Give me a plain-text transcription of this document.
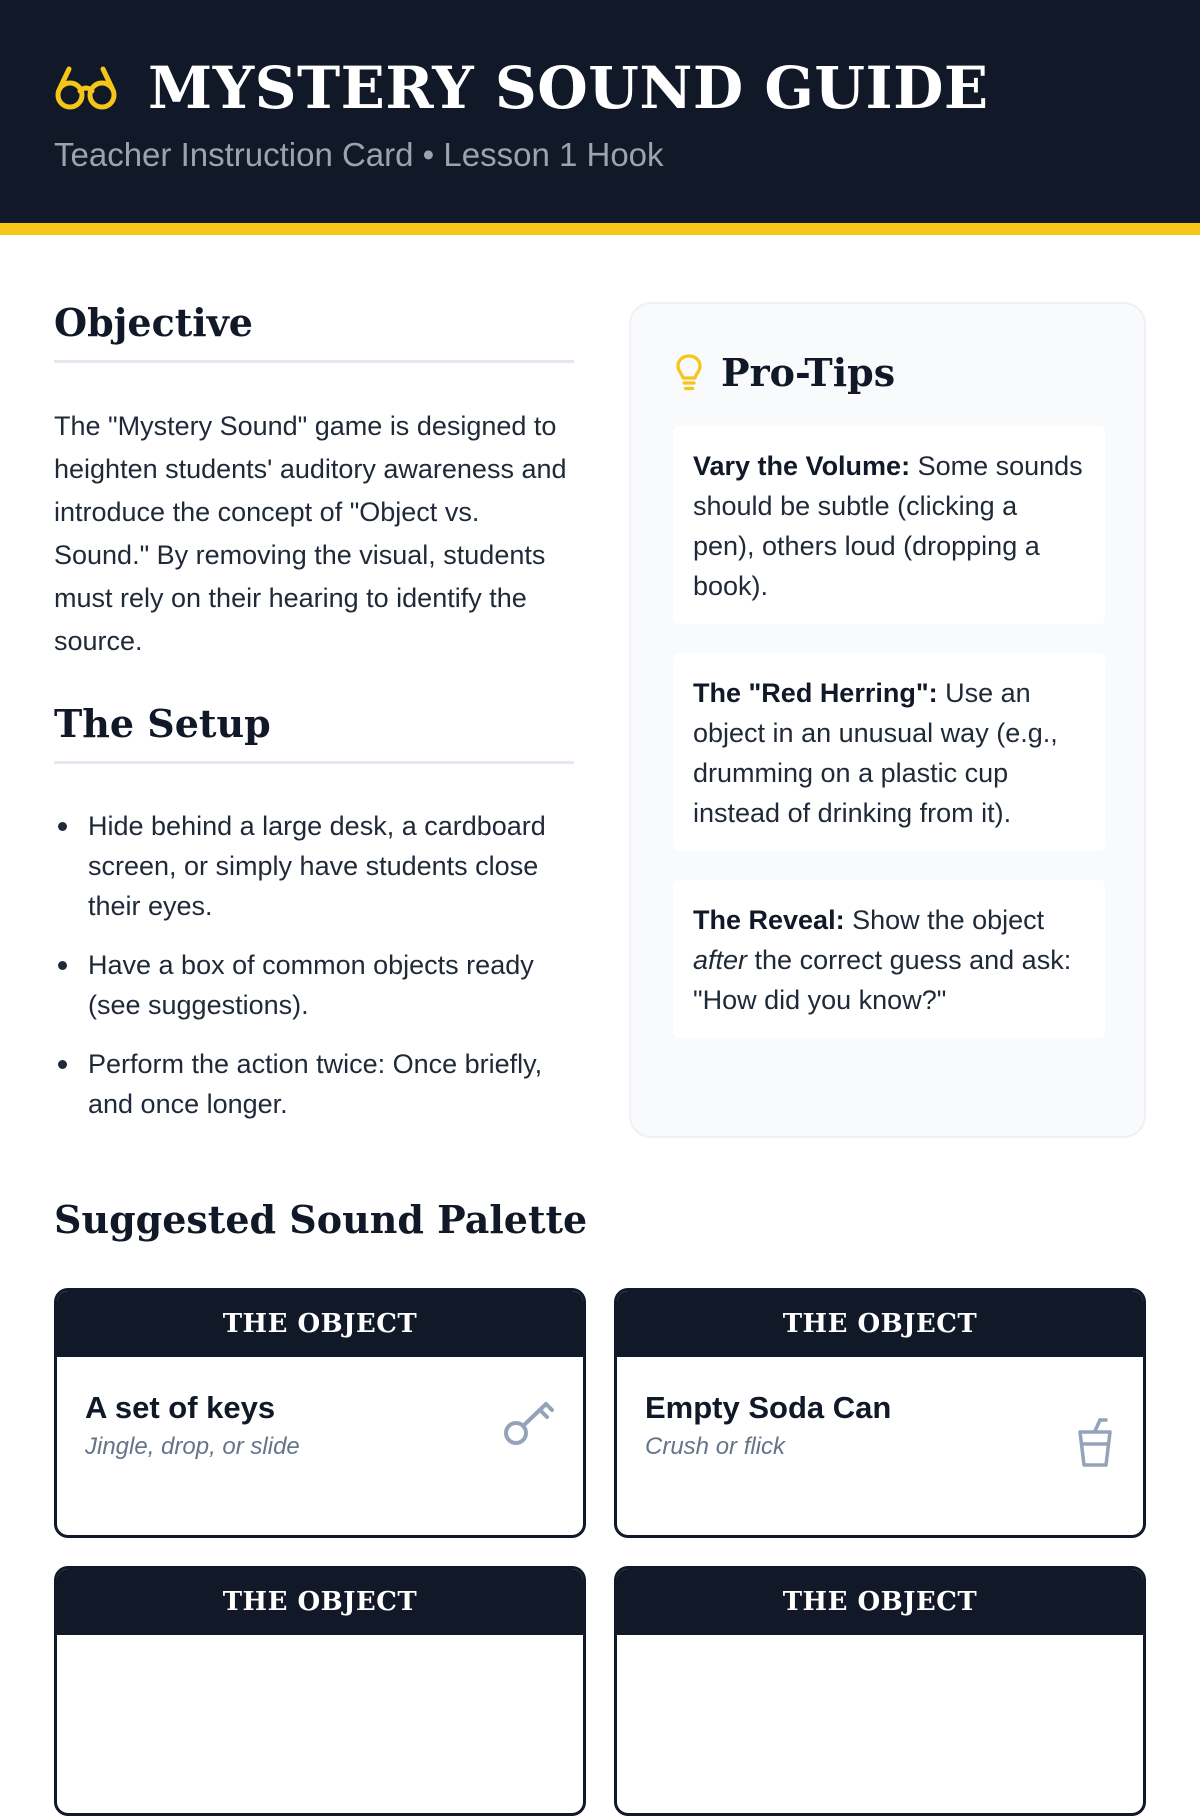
MYSTERY SOUND GUIDE
Teacher Instruction Card • Lesson 1 Hook
Objective

The "Mystery Sound" game is designed to heighten students' auditory awareness and introduce the concept of "Object vs. Sound." By removing the visual, students must rely on their hearing to identify the source.

The Setup
Hide behind a large desk, a cardboard screen, or simply have students close their eyes.
Have a box of common objects ready (see suggestions).
Perform the action twice: Once briefly, and once longer.
Pro-Tips
Vary the Volume: Some sounds should be subtle (clicking a pen), others loud (dropping a book).
The "Red Herring": Use an object in an unusual way (e.g., drumming on a plastic cup instead of drinking from it).
The Reveal: Show the object after the correct guess and ask: "How did you know?"
Suggested Sound Palette
THE OBJECT
A set of keys
Jingle, drop, or slide
THE OBJECT
Empty Soda Can
Crush or flick
THE OBJECT	THE OBJECT
